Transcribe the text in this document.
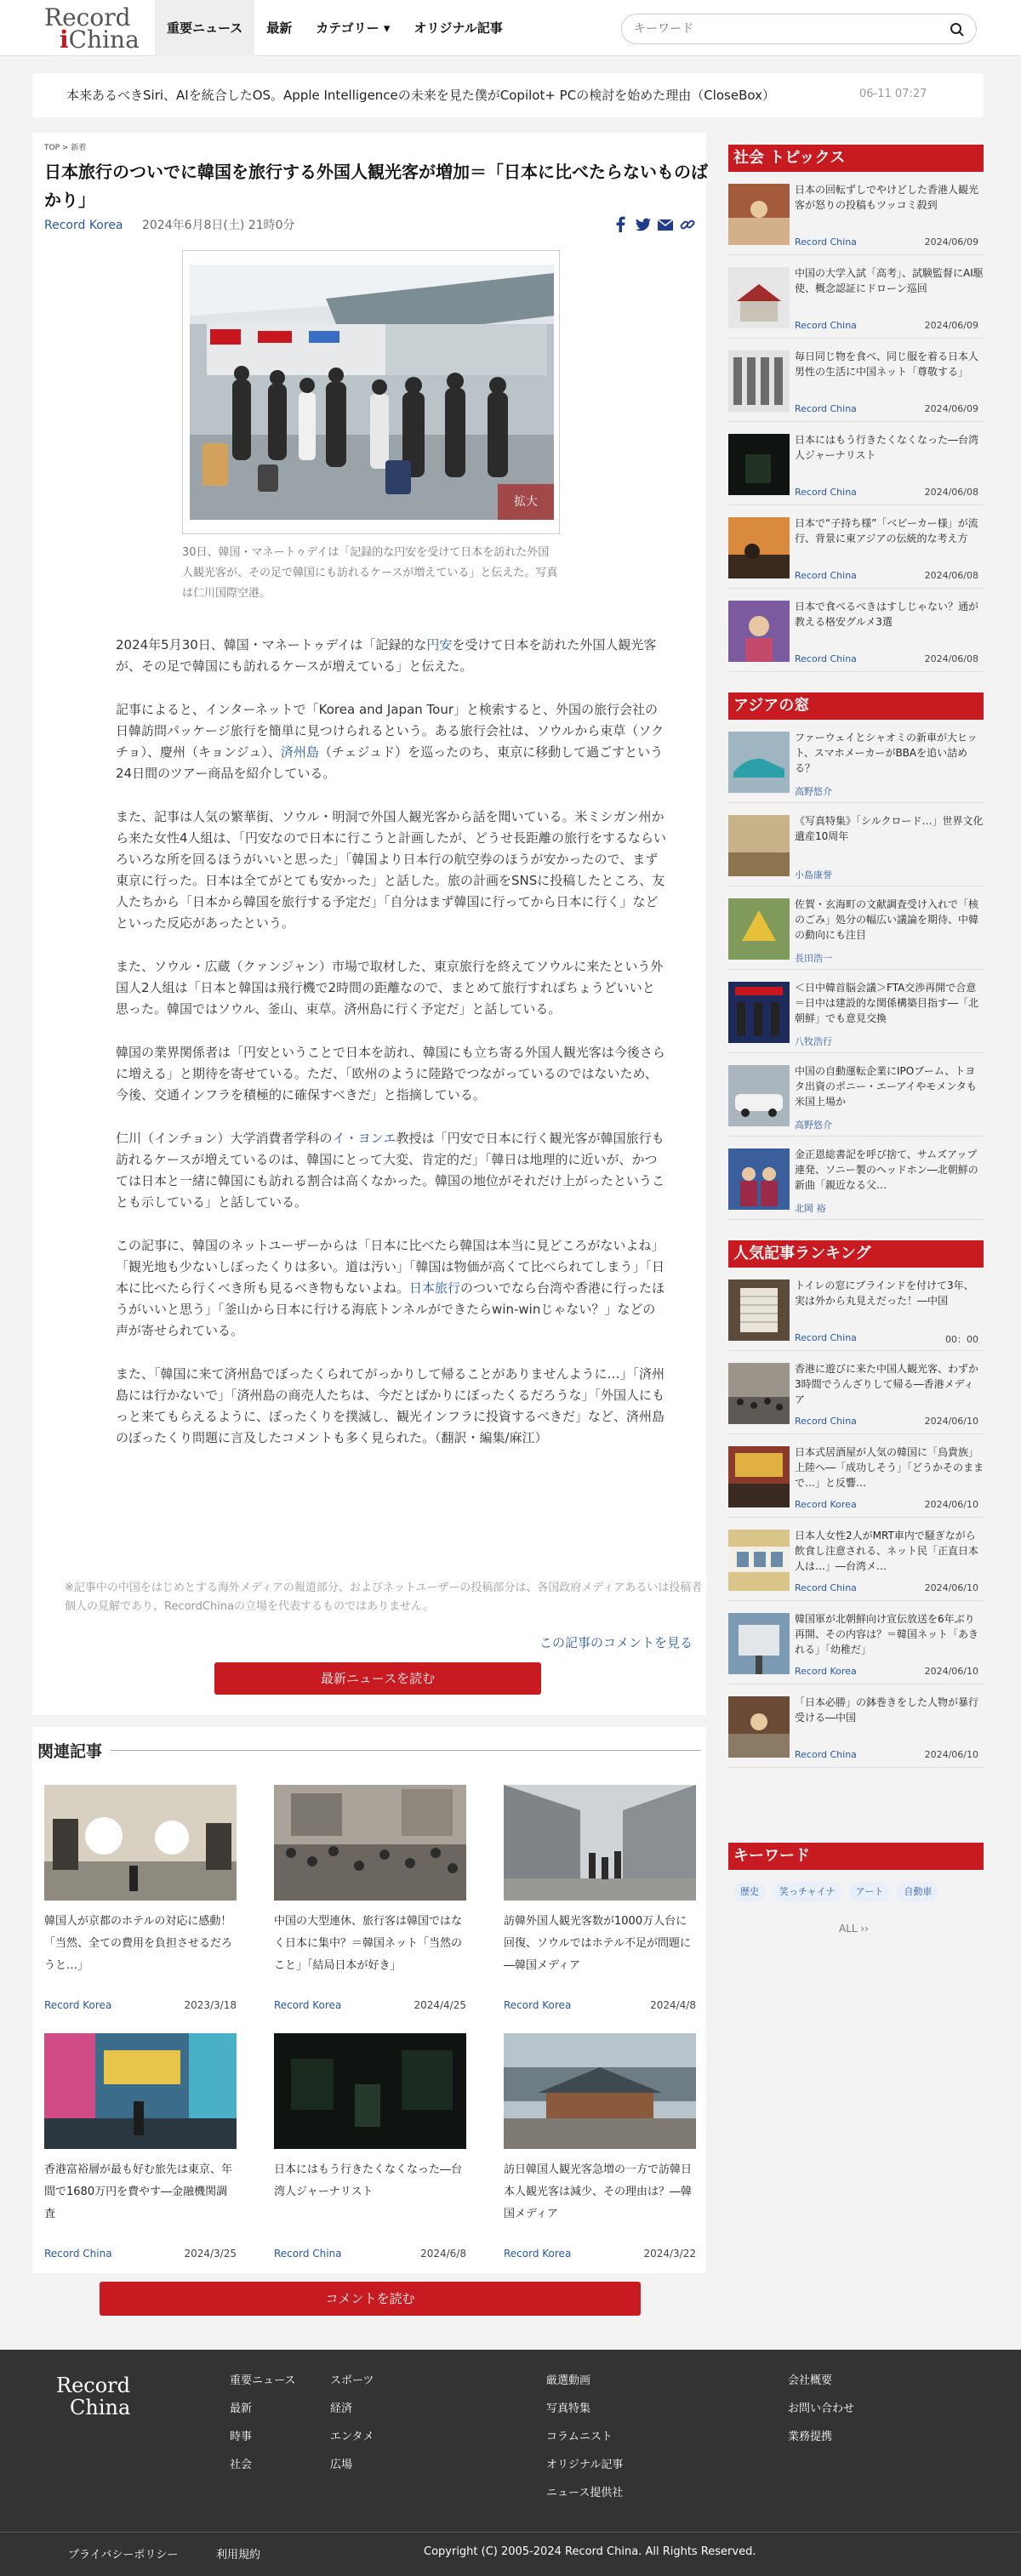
Record
iChina	重要ニュース	最新	カテゴリー ▾	オリジナル記事
キーワード
本来あるべきSiri、AIを統合したOS。Apple Intelligenceの未来を見た僕がCopilot+ PCの検討を始めた理由（CloseBox）	06-11 07:27
TOP > 新着
日本旅行のついでに韓国を旅行する外国人観光客が増加＝「日本に比べたらないものばかり」
Record Korea 2024年6月8日(土) 21時0分
拡大
30日、韓国・マネートゥデイは「記録的な円安を受けて日本を訪れた外国人観光客が、その足で韓国にも訪れるケースが増えている」と伝えた。写真は仁川国際空港。

2024年5月30日、韓国・マネートゥデイは「記録的な円安を受けて日本を訪れた外国人観光客が、その足で韓国にも訪れるケースが増えている」と伝えた。

記事によると、インターネットで「Korea and Japan Tour」と検索すると、外国の旅行会社の日韓訪問パッケージ旅行を簡単に見つけられるという。ある旅行会社は、ソウルから束草（ソクチョ）、慶州（キョンジュ）、済州島（チェジュド）を巡ったのち、東京に移動して過ごすという24日間のツアー商品を紹介している。

また、記事は人気の繁華街、ソウル・明洞で外国人観光客から話を聞いている。米ミシガン州から来た女性4人組は、「円安なので日本に行こうと計画したが、どうせ長距離の旅行をするならいろいろな所を回るほうがいいと思った」「韓国より日本行の航空券のほうが安かったので、まず東京に行った。日本は全てがとても安かった」と話した。旅の計画をSNSに投稿したところ、友人たちから「日本から韓国を旅行する予定だ」「自分はまず韓国に行ってから日本に行く」などといった反応があったという。

また、ソウル・広蔵（クァンジャン）市場で取材した、東京旅行を終えてソウルに来たという外国人2人組は「日本と韓国は飛行機で2時間の距離なので、まとめて旅行すればちょうどいいと思った。韓国ではソウル、釜山、束草。済州島に行く予定だ」と話している。

韓国の業界関係者は「円安ということで日本を訪れ、韓国にも立ち寄る外国人観光客は今後さらに増える」と期待を寄せている。ただ、「欧州のように陸路でつながっているのではないため、今後、交通インフラを積極的に確保すべきだ」と指摘している。

仁川（インチョン）大学消費者学科のイ・ヨンエ教授は「円安で日本に行く観光客が韓国旅行も訪れるケースが増えているのは、韓国にとって大変、肯定的だ」「韓日は地理的に近いが、かつては日本と一緒に韓国にも訪れる割合は高くなかった。韓国の地位がそれだけ上がったということも示している」と話している。

この記事に、韓国のネットユーザーからは「日本に比べたら韓国は本当に見どころがないよね」「観光地も少ないしぼったくりは多い。道は汚い」「韓国は物価が高くて比べられてしまう」「日本に比べたら行くべき所も見るべき物もないよね。日本旅行のついでなら台湾や香港に行ったほうがいいと思う」「釜山から日本に行ける海底トンネルができたらwin-winじゃない？」などの声が寄せられている。

また、「韓国に来て済州島でぼったくられてがっかりして帰ることがありませんように…」「済州島には行かないで」「済州島の商売人たちは、今だとばかりにぼったくるだろうな」「外国人にもっと来てもらえるように、ぼったくりを撲滅し、観光インフラに投資するべきだ」など、済州島のぼったくり問題に言及したコメントも多く見られた。（翻訳・編集/麻江）

※記事中の中国をはじめとする海外メディアの報道部分、およびネットユーザーの投稿部分は、各国政府メディアあるいは投稿者個人の見解であり、RecordChinaの立場を代表するものではありません。
この記事のコメントを見る
最新ニュースを読む
関連記事
韓国人が京都のホテルの対応に感動！「当然、全ての費用を負担させるだろうと…」
Record Korea	2023/3/18
中国の大型連休、旅行客は韓国ではなく日本に集中？＝韓国ネット「当然のこと」「結局日本が好き」
Record Korea	2024/4/25
訪韓外国人観光客数が1000万人台に回復、ソウルではホテル不足が問題に―韓国メディア
Record Korea	2024/4/8
香港富裕層が最も好む旅先は東京、年間で1680万円を費やす―金融機関調査
Record China	2024/3/25
日本にはもう行きたくなくなった―台湾人ジャーナリスト
Record China	2024/6/8
訪日韓国人観光客急増の一方で訪韓日本人観光客は減少、その理由は？―韓国メディア
Record Korea	2024/3/22
コメントを読む
社会 トピックス
日本の回転ずしでやけどした香港人観光客が怒りの投稿もツッコミ殺到
Record China	2024/06/09
中国の大学入試「高考」、試験監督にAI駆使、概念認証にドローン巡回
Record China	2024/06/09
毎日同じ物を食べ、同じ服を着る日本人男性の生活に中国ネット「尊敬する」
Record China	2024/06/09
日本にはもう行きたくなくなった―台湾人ジャーナリスト
Record China	2024/06/08
日本で“子持ち様”「ベビーカー様」が流行、背景に東アジアの伝統的な考え方
Record China	2024/06/08
日本で食べるべきはすしじゃない？通が教える格安グルメ3選
Record China	2024/06/08
アジアの窓
ファーウェイとシャオミの新車が大ヒット、スマホメーカーがBBAを追い詰める？
高野悠介
《写真特集》「シルクロード…」世界文化遺産10周年
小島康誉
佐賀・玄海町の文献調査受け入れで「核のごみ」処分の幅広い議論を期待、中韓の動向にも注目
長田浩一
＜日中韓首脳会議＞FTA交渉再開で合意＝日中は建設的な関係構築目指す―「北朝鮮」でも意見交換
八牧浩行
中国の自動運転企業にIPOブーム、トヨタ出資のポニー・エーアイやモメンタも米国上場か
高野悠介
金正恩総書記を呼び捨て、サムズアップ連発、ソニー製のヘッドホン―北朝鮮の新曲「親近なる父…
北岡 裕
人気記事ランキング
トイレの窓にブラインドを付けて3年、実は外から丸見えだった！―中国
Record China	00：00
香港に遊びに来た中国人観光客、わずか3時間でうんざりして帰る―香港メディア
Record China	2024/06/10
日本式居酒屋が人気の韓国に「烏貴族」上陸へ―「成功しそう」「どうかそのままで…」と反響…
Record Korea	2024/06/10
日本人女性2人がMRT車内で騒ぎながら飲食し注意される、ネット民「正直日本人は…」―台湾メ…
Record China	2024/06/10
韓国軍が北朝鮮向け宣伝放送を6年ぶり再開、その内容は？＝韓国ネット「あきれる」「幼稚だ」
Record Korea	2024/06/10
「日本必勝」の鉢巻きをした人物が暴行受ける―中国
Record China	2024/06/10
キーワード
歴史	笑っチャイナ	アート	自動車
ALL ››
Record
China
重要ニュース
最新
時事
社会
スポーツ
経済
エンタメ
広場
厳選動画
写真特集
コラムニスト
オリジナル記事
ニュース提供社
会社概要
お問い合わせ
業務提携
プライバシーポリシー	利用規約	Copyright (C) 2005-2024 Record China. All Rights Reserved.
